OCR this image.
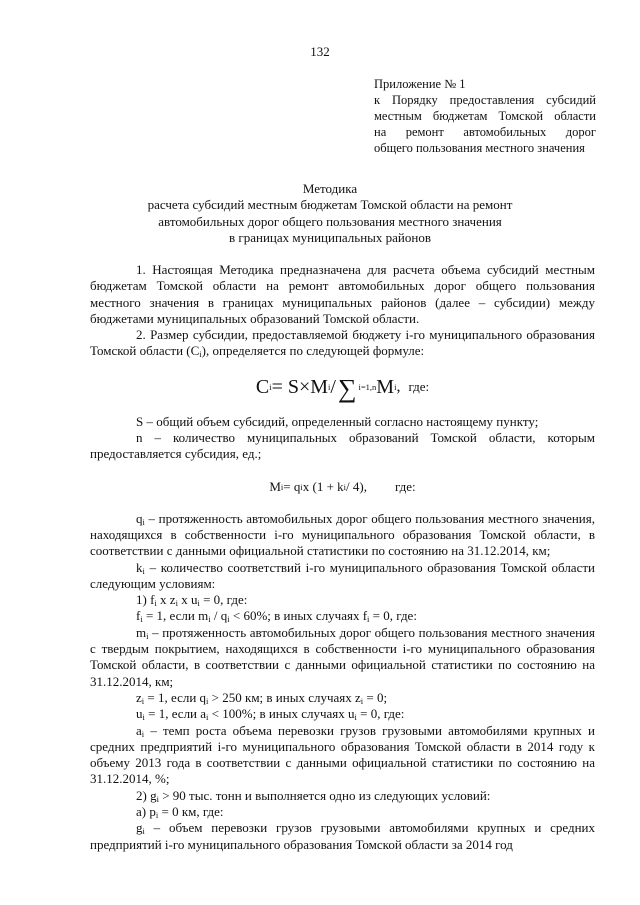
132
Приложение № 1
к Порядку предоставления субсидий
местным бюджетам Томской области
на ремонт автомобильных дорог
общего пользования местного значения
Методика
расчета субсидий местным бюджетам Томской области на ремонт
автомобильных дорог общего пользования местного значения
в границах муниципальных районов

1. Настоящая Методика предназначена для расчета объема субсидий местным бюджетам Томской области на ремонт автомобильных дорог общего пользования местного значения в границах муниципальных районов (далее – субсидии) между бюджетами муниципальных образований Томской области.

2. Размер субсидии, предоставляемой бюджету i-го муниципального образования Томской области $(C_i)$, определяется по следующей формуле:

C i = S×M i / ∑ i=1,n M i , где:

S – общий объем субсидий, определенный согласно настоящему пункту;

n – количество муниципальных образований Томской области, которым предоставляется субсидия, ед.;

M i = q i x (1 + k i / 4), где:

$q_i$ – протяженность автомобильных дорог общего пользования местного значения, находящихся в собственности i-го муниципального образования Томской области, в соответствии с данными официальной статистики по состоянию на 31.12.2014, км;

$k_i$ – количество соответствий i-го муниципального образования Томской области следующим условиям:

1) $f_i$ x $z_i$ x $u_i = 0$, где:

$f_i = 1$, если $m_i / q_i < 60\%$; в иных случаях $f_i = 0$, где:

$m_i$ – протяженность автомобильных дорог общего пользования местного значения с твердым покрытием, находящихся в собственности i-го муниципального образования Томской области, в соответствии с данными официальной статистики по состоянию на 31.12.2014, км;

$z_i = 1$, если $q_i > 250$ км; в иных случаях $z_i = 0$;

$u_i = 1$, если $a_i < 100\%$; в иных случаях $u_i = 0$, где:

$a_i$ – темп роста объема перевозки грузов грузовыми автомобилями крупных и средних предприятий i-го муниципального образования Томской области в 2014 году к объему 2013 года в соответствии с данными официальной статистики по состоянию на 31.12.2014, %;

2) $g_i > 90$ тыс. тонн и выполняется одно из следующих условий:

а) $p_i = 0$ км, где:

$g_i$ – объем перевозки грузов грузовыми автомобилями крупных и средних предприятий i-го муниципального образования Томской области за 2014 год
